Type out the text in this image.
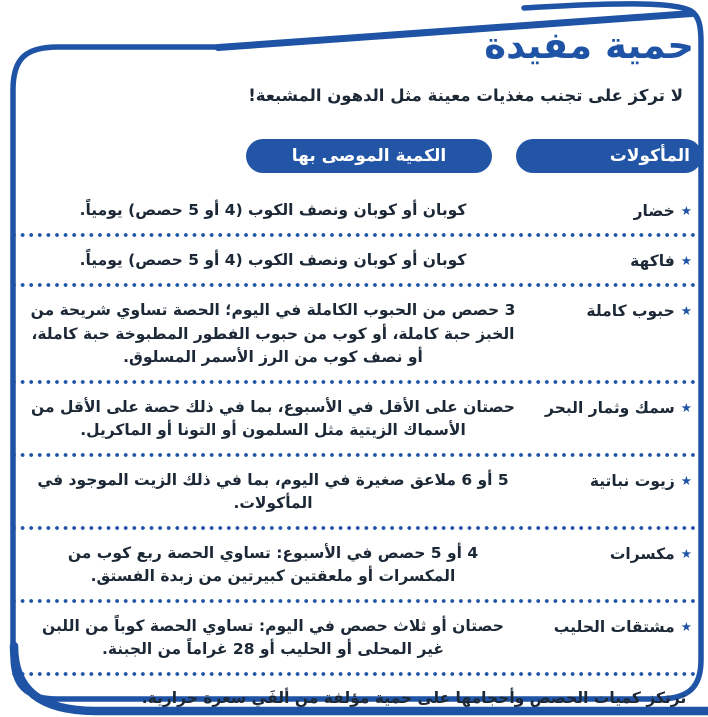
حمية مفيدة
لا تركز على تجنب مغذيات معينة مثل الدهون المشبعة!
المأكولات
الكمية الموصى بها
★خضار
كوبان أو كوبان ونصف الكوب (4 أو 5 حصص) يومياً.
★فاكهة
كوبان أو كوبان ونصف الكوب (4 أو 5 حصص) يومياً.
★حبوب كاملة
3 حصص من الحبوب الكاملة في اليوم؛ الحصة تساوي شريحة من الخبز حبة كاملة، أو كوب من حبوب الفطور المطبوخة حبة كاملة، أو نصف كوب من الرز الأسمر المسلوق.
★سمك وثمار البحر
حصتان على الأقل في الأسبوع، بما في ذلك حصة على الأقل من الأسماك الزيتية مثل السلمون أو التونا أو الماكريل.
★زيوت نباتية
5 أو 6 ملاعق صغيرة في اليوم، بما في ذلك الزيت الموجود في المأكولات.
★مكسرات
4 أو 5 حصص في الأسبوع: تساوي الحصة ربع كوب من المكسرات أو ملعقتين كبيرتين من زبدة الفستق.
★مشتقات الحليب
حصتان أو ثلاث حصص في اليوم: تساوي الحصة كوباً من اللبن غير المحلى أو الحليب أو 28 غراماً من الجبنة.
ترتكز كميات الحصص وأحجامها على حمية مؤلفة من ألفَي سعرة حرارية.
